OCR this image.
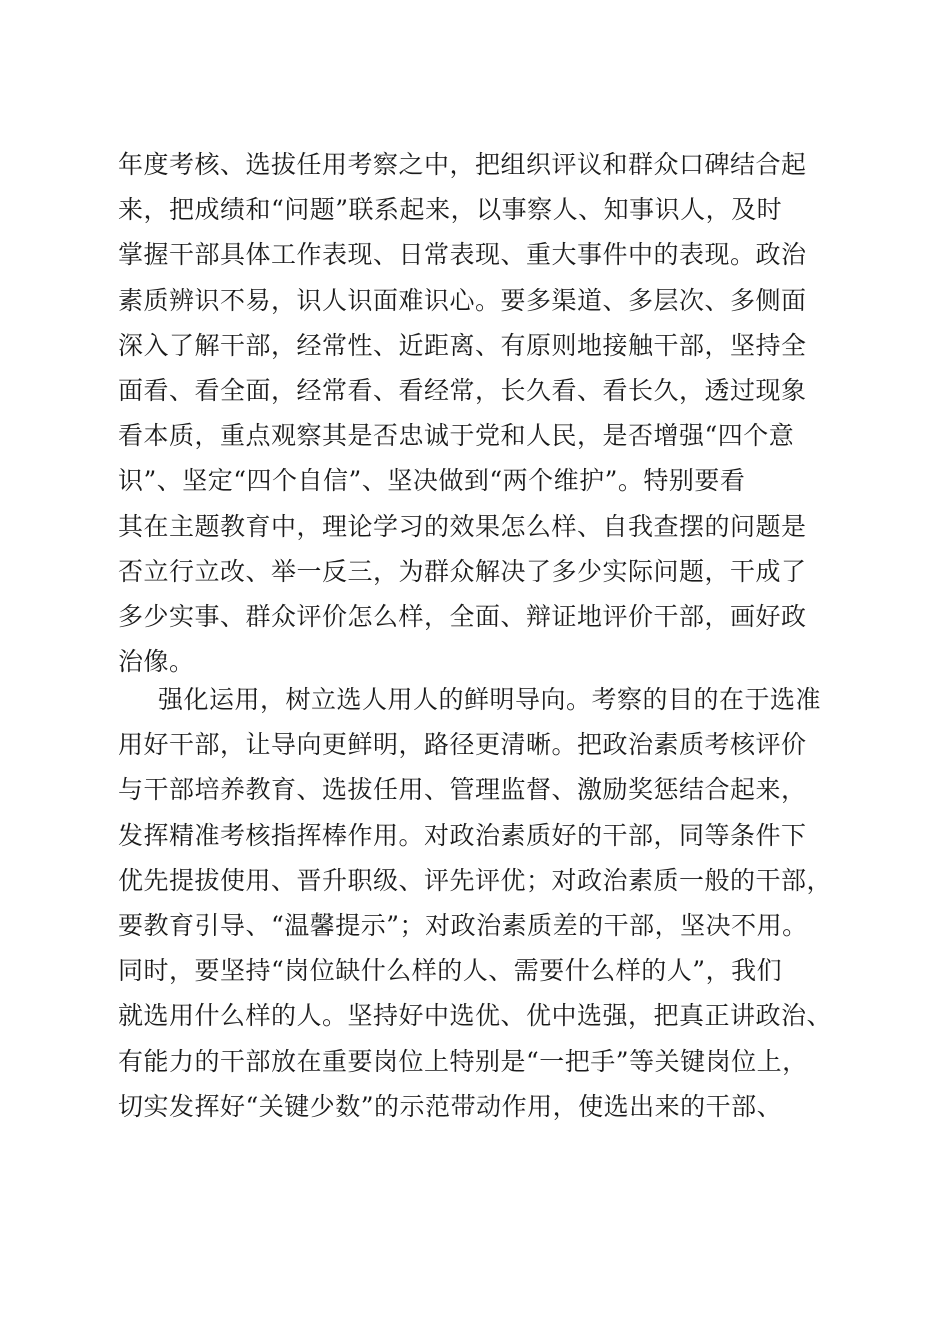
年度考核、选拔任用考察之中，把组织评议和群众口碑结合起
来，把成绩和“问题”联系起来，以事察人、知事识人，及时
掌握干部具体工作表现、日常表现、重大事件中的表现。政治
素质辨识不易，识人识面难识心。要多渠道、多层次、多侧面
深入了解干部，经常性、近距离、有原则地接触干部，坚持全
面看、看全面，经常看、看经常，长久看、看长久，透过现象
看本质，重点观察其是否忠诚于党和人民，是否增强“四个意
识”、坚定“四个自信”、坚决做到“两个维护”。特别要看
其在主题教育中，理论学习的效果怎么样、自我查摆的问题是
否立行立改、举一反三，为群众解决了多少实际问题，干成了
多少实事、群众评价怎么样，全面、辩证地评价干部，画好政
治像。
强化运用，树立选人用人的鲜明导向。考察的目的在于选准
用好干部，让导向更鲜明，路径更清晰。把政治素质考核评价
与干部培养教育、选拔任用、管理监督、激励奖惩结合起来，
发挥精准考核指挥棒作用。对政治素质好的干部，同等条件下
优先提拔使用、晋升职级、评先评优；对政治素质一般的干部，
要教育引导、“温馨提示”；对政治素质差的干部，坚决不用。
同时，要坚持“岗位缺什么样的人、需要什么样的人”，我们
就选用什么样的人。坚持好中选优、优中选强，把真正讲政治、
有能力的干部放在重要岗位上特别是“一把手”等关键岗位上，
切实发挥好“关键少数”的示范带动作用，使选出来的干部、
